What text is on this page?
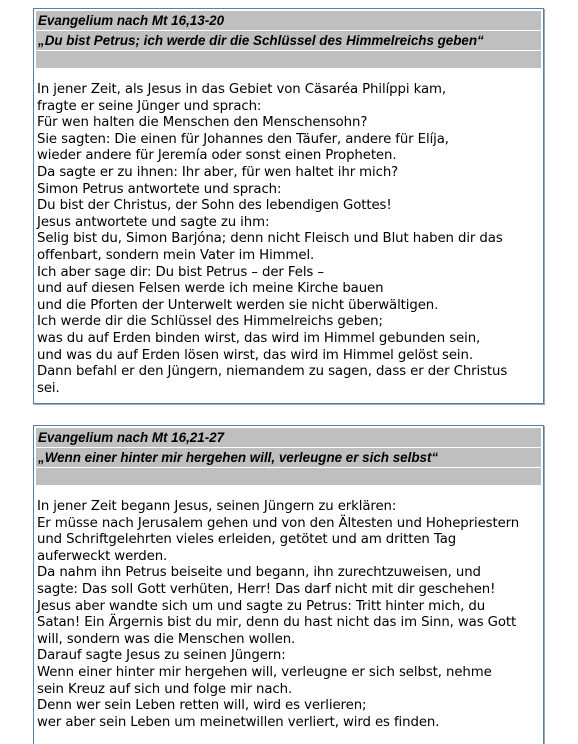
Evangelium nach Mt 16,13-20
„Du bist Petrus; ich werde dir die Schlüssel des Himmelreichs geben“
In jener Zeit, als Jesus in das Gebiet von Cäsaréa Philíppi kam,
fragte er seine Jünger und sprach:
Für wen halten die Menschen den Menschensohn?
Sie sagten: Die einen für Johannes den Täufer, andere für Elíja,
wieder andere für Jeremía oder sonst einen Propheten.
Da sagte er zu ihnen: Ihr aber, für wen haltet ihr mich?
Simon Petrus antwortete und sprach:
Du bist der Christus, der Sohn des lebendigen Gottes!
Jesus antwortete und sagte zu ihm:
Selig bist du, Simon Barjóna; denn nicht Fleisch und Blut haben dir das
offenbart, sondern mein Vater im Himmel.
Ich aber sage dir: Du bist Petrus – der Fels –
und auf diesen Felsen werde ich meine Kirche bauen
und die Pforten der Unterwelt werden sie nicht überwältigen.
Ich werde dir die Schlüssel des Himmelreichs geben;
was du auf Erden binden wirst, das wird im Himmel gebunden sein,
und was du auf Erden lösen wirst, das wird im Himmel gelöst sein.
Dann befahl er den Jüngern, niemandem zu sagen, dass er der Christus
sei.
Evangelium nach Mt 16,21-27
„Wenn einer hinter mir hergehen will, verleugne er sich selbst“
In jener Zeit begann Jesus, seinen Jüngern zu erklären:
Er müsse nach Jerusalem gehen und von den Ältesten und Hohepriestern
und Schriftgelehrten vieles erleiden, getötet und am dritten Tag
auferweckt werden.
Da nahm ihn Petrus beiseite und begann, ihn zurechtzuweisen, und
sagte: Das soll Gott verhüten, Herr! Das darf nicht mit dir geschehen!
Jesus aber wandte sich um und sagte zu Petrus: Tritt hinter mich, du
Satan! Ein Ärgernis bist du mir, denn du hast nicht das im Sinn, was Gott
will, sondern was die Menschen wollen.
Darauf sagte Jesus zu seinen Jüngern:
Wenn einer hinter mir hergehen will, verleugne er sich selbst, nehme
sein Kreuz auf sich und folge mir nach.
Denn wer sein Leben retten will, wird es verlieren;
wer aber sein Leben um meinetwillen verliert, wird es finden.
